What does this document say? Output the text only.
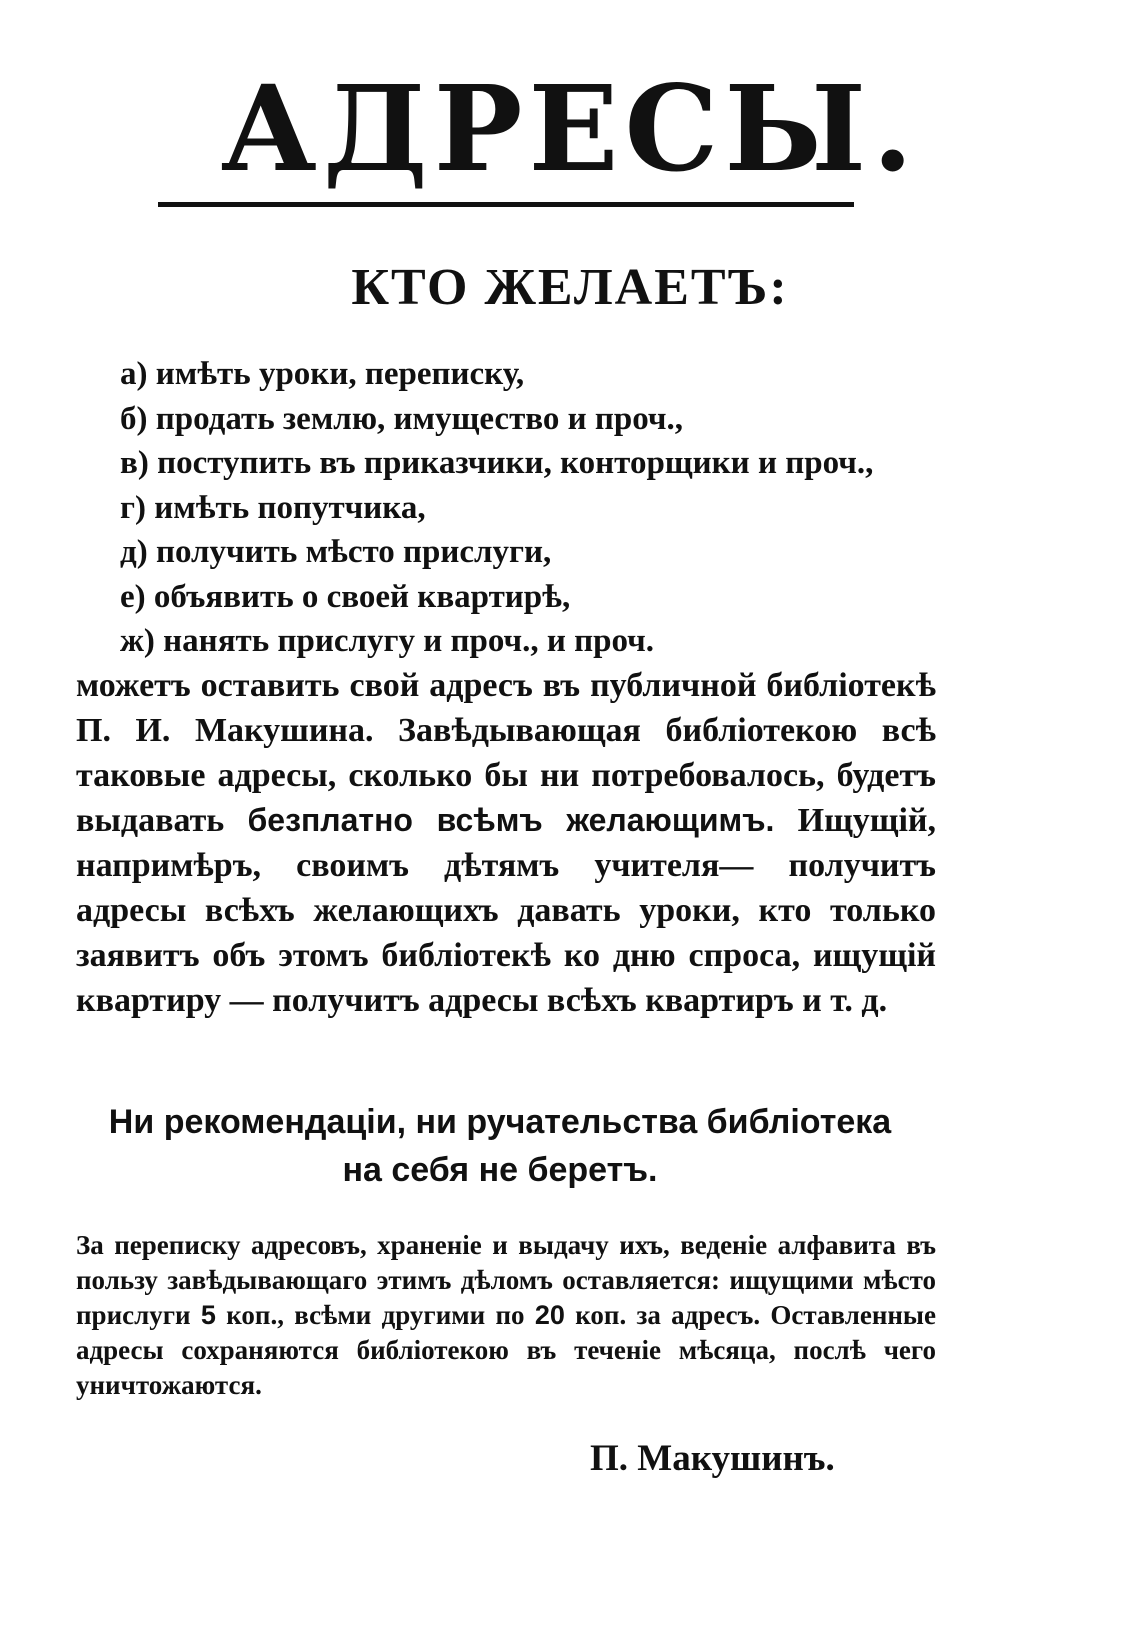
АДРЕСЫ.
КТО ЖЕЛАЕТЪ:
а) имѣть уроки, переписку,
б) продать землю, имущество и проч.,
в) поступить въ приказчики, конторщики и проч.,
г) имѣть попутчика,
д) получить мѣсто прислуги,
е) объявить о своей квартирѣ,
ж) нанять прислугу и проч., и проч.

можетъ оставить свой адресъ въ публичной библіотекѣ П. И. Макушина. Завѣдывающая библіотекою всѣ таковые адресы, сколько бы ни потребовалось, будетъ выдавать безплатно всѣмъ желающимъ. Ищущій, напримѣръ, своимъ дѣтямъ учителя— получитъ адресы всѣхъ желающихъ давать уроки, кто только заявитъ объ этомъ библіотекѣ ко дню спроса, ищущій квартиру — получитъ адресы всѣхъ квартиръ и т. д.

Ни рекомендаціи, ни ручательства библіотека
на себя не беретъ.

За переписку адресовъ, храненіе и выдачу ихъ, веденіе алфавита въ пользу завѣдывающаго этимъ дѣломъ оставляется: ищущими мѣсто прислуги 5 коп., всѣми другими по 20 коп. за адресъ. Оставленные адресы сохраняются библіотекою въ теченіе мѣсяца, послѣ чего уничтожаются.

П. Макушинъ.
